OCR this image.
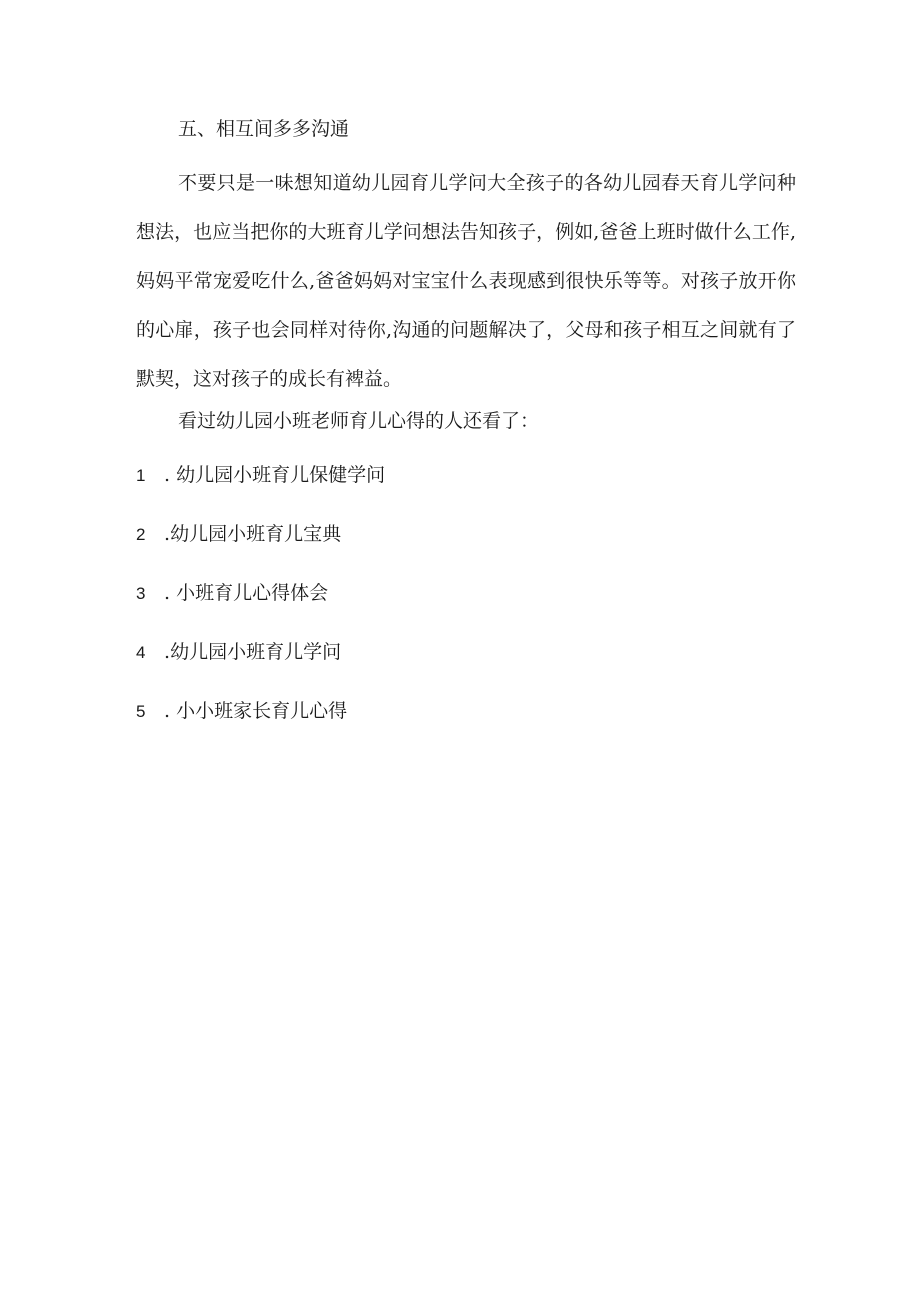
五、相互间多多沟通

不要只是一味想知道幼儿园育儿学问大全孩子的各幼儿园春天育儿学问种想法，也应当把你的大班育儿学问想法告知孩子，例如,爸爸上班时做什么工作,妈妈平常宠爱吃什么,爸爸妈妈对宝宝什么表现感到很快乐等等。对孩子放开你的心扉，孩子也会同样对待你,沟通的问题解决了，父母和孩子相互之间就有了默契，这对孩子的成长有裨益。

看过幼儿园小班老师育儿心得的人还看了：

1 . 幼儿园小班育儿保健学问
2 .幼儿园小班育儿宝典
3 . 小班育儿心得体会
4 .幼儿园小班育儿学问
5 . 小小班家长育儿心得
